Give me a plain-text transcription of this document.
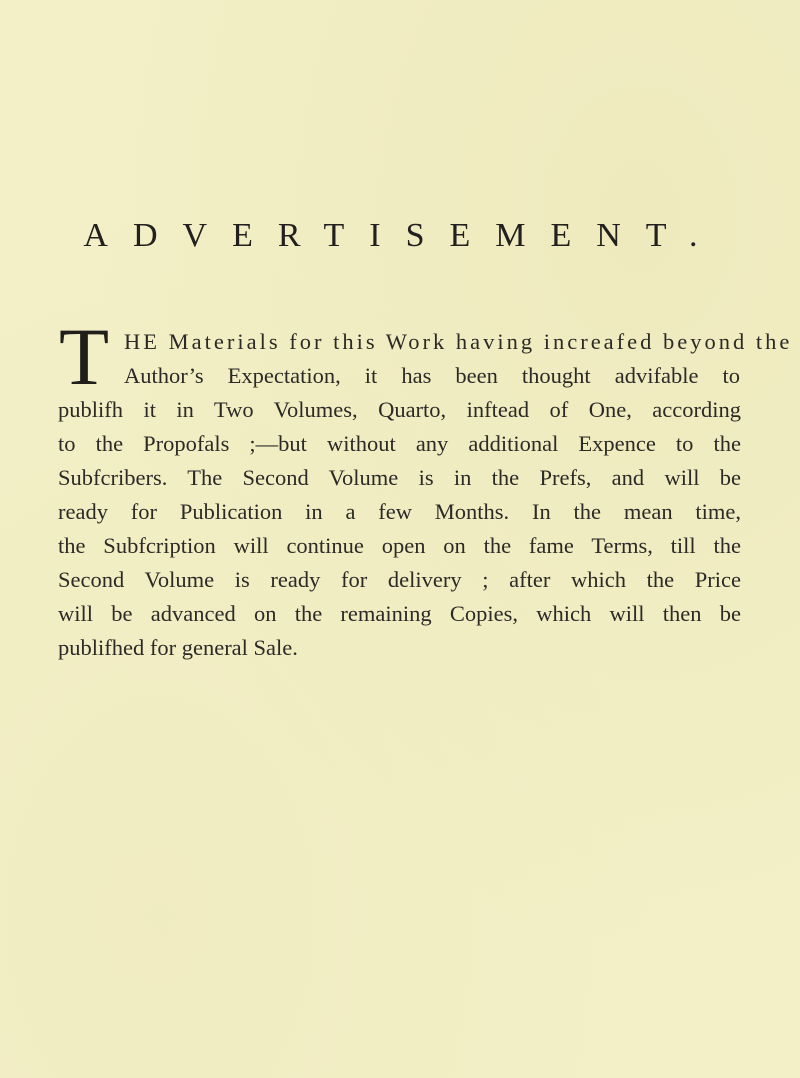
ADVERTISEMENT.
T HE Materials for this Work having increafed beyond the

Author’s Expectation, it has been thought advifable to

publifh it in Two Volumes, Quarto, inftead of One, according

to the Propofals ;—but without any additional Expence to the

Subfcribers. The Second Volume is in the Prefs, and will be

ready for Publication in a few Months. In the mean time,

the Subfcription will continue open on the fame Terms, till the

Second Volume is ready for delivery ; after which the Price

will be advanced on the remaining Copies, which will then be

publifhed for general Sale.
